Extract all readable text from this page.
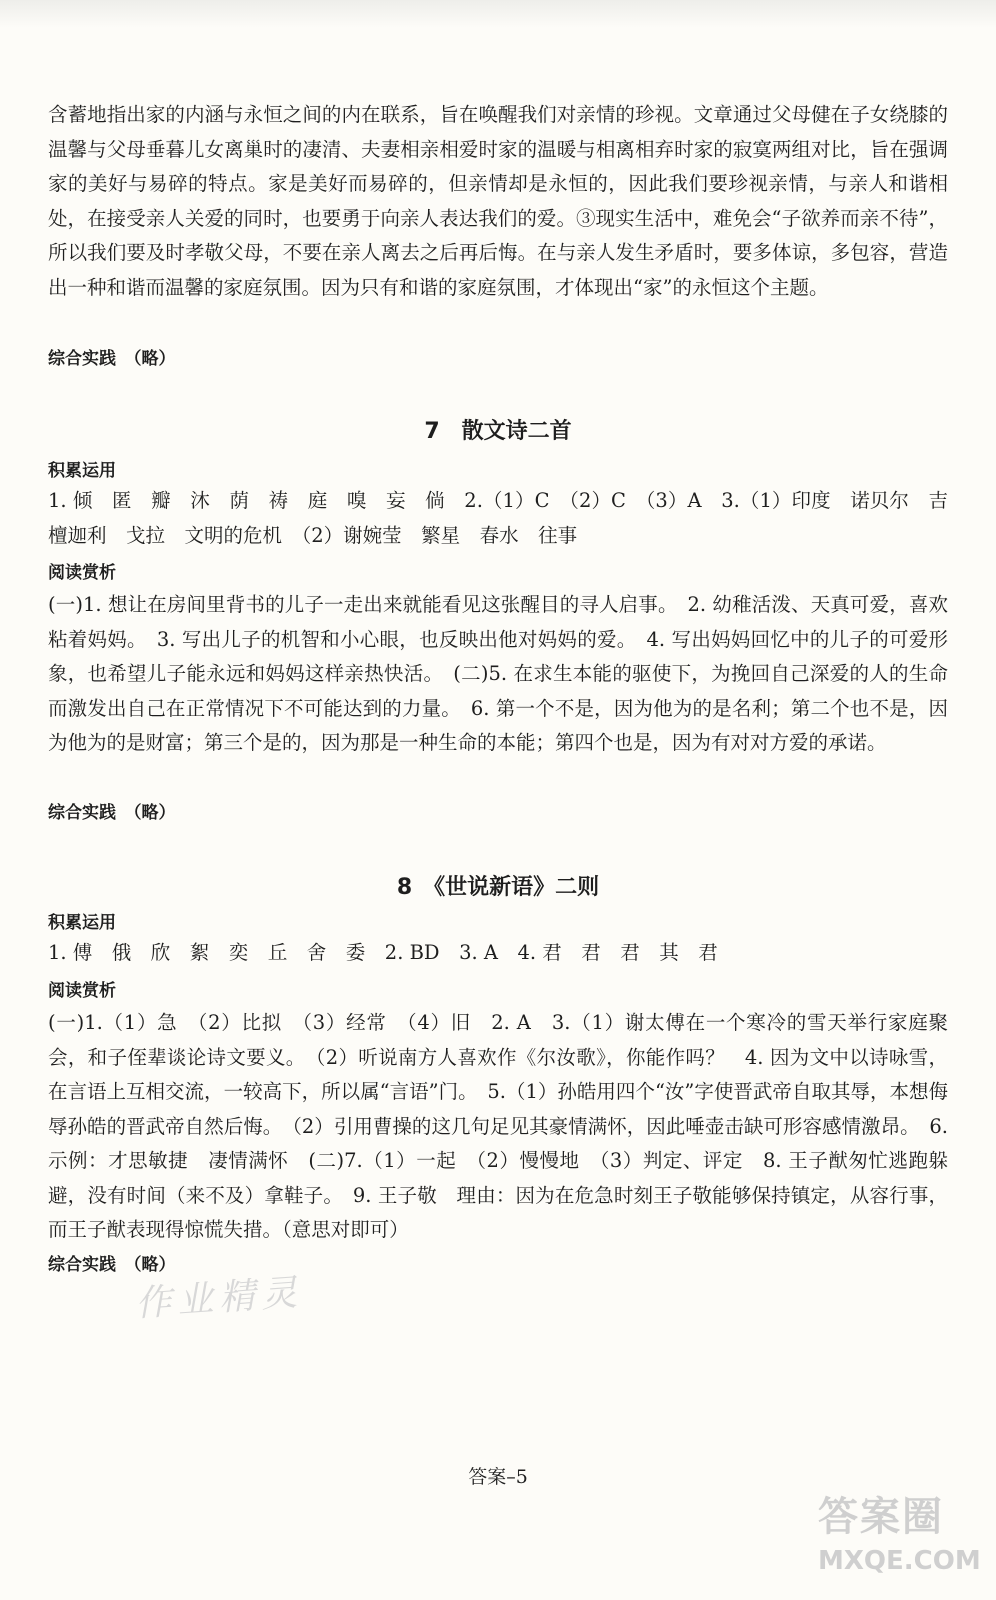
含蓄地指出家的内涵与永恒之间的内在联系，旨在唤醒我们对亲情的珍视。文章通过父母健在子女绕膝的温馨与父母垂暮儿女离巢时的凄清、夫妻相亲相爱时家的温暖与相离相弃时家的寂寞两组对比，旨在强调家的美好与易碎的特点。家是美好而易碎的，但亲情却是永恒的，因此我们要珍视亲情，与亲人和谐相处，在接受亲人关爱的同时，也要勇于向亲人表达我们的爱。③现实生活中，难免会“子欲养而亲不待”，所以我们要及时孝敬父母，不要在亲人离去之后再后悔。在与亲人发生矛盾时，要多体谅，多包容，营造出一种和谐而温馨的家庭氛围。因为只有和谐的家庭氛围，才体现出“家”的永恒这个主题。

综合实践　（略）

7　散文诗二首

积累运用

1. 倾　匿　瓣　沐　荫　祷　庭　嗅　妄　倘　2.（1）C　（2）C　（3）A　3.（1）印度　诺贝尔　吉檀迦利　戈拉　文明的危机　（2）谢婉莹　繁星　春水　往事

阅读赏析

(一)1. 想让在房间里背书的儿子一走出来就能看见这张醒目的寻人启事。　2. 幼稚活泼、天真可爱，喜欢粘着妈妈。　3. 写出儿子的机智和小心眼，也反映出他对妈妈的爱。　4. 写出妈妈回忆中的儿子的可爱形象，也希望儿子能永远和妈妈这样亲热快活。　(二)5. 在求生本能的驱使下，为挽回自己深爱的人的生命而激发出自己在正常情况下不可能达到的力量。　6. 第一个不是，因为他为的是名利；第二个也不是，因为他为的是财富；第三个是的，因为那是一种生命的本能；第四个也是，因为有对对方爱的承诺。

综合实践　（略）

8　《世说新语》二则

积累运用

1. 傅　俄　欣　絮　奕　丘　舍　委　2. BD　3. A　4. 君　君　君　其　君

阅读赏析

(一)1.（1）急　（2）比拟　（3）经常　（4）旧　2. A　3.（1）谢太傅在一个寒冷的雪天举行家庭聚会，和子侄辈谈论诗文要义。　（2）听说南方人喜欢作《尔汝歌》，你能作吗？　4. 因为文中以诗咏雪，在言语上互相交流，一较高下，所以属“言语”门。　5.（1）孙皓用四个“汝”字使晋武帝自取其辱，本想侮辱孙皓的晋武帝自然后悔。　（2）引用曹操的这几句足见其豪情满怀，因此唾壶击缺可形容感情激昂。　6. 示例：才思敏捷　凄情满怀　(二)7.（1）一起　（2）慢慢地　（3）判定、评定　8. 王子猷匆忙逃跑躲避，没有时间（来不及）拿鞋子。　9. 王子敬　理由：因为在危急时刻王子敬能够保持镇定，从容行事，而王子猷表现得惊慌失措。（意思对即可）

综合实践　（略）

作业精灵
答案–5
答案圈
MXQE.COM
